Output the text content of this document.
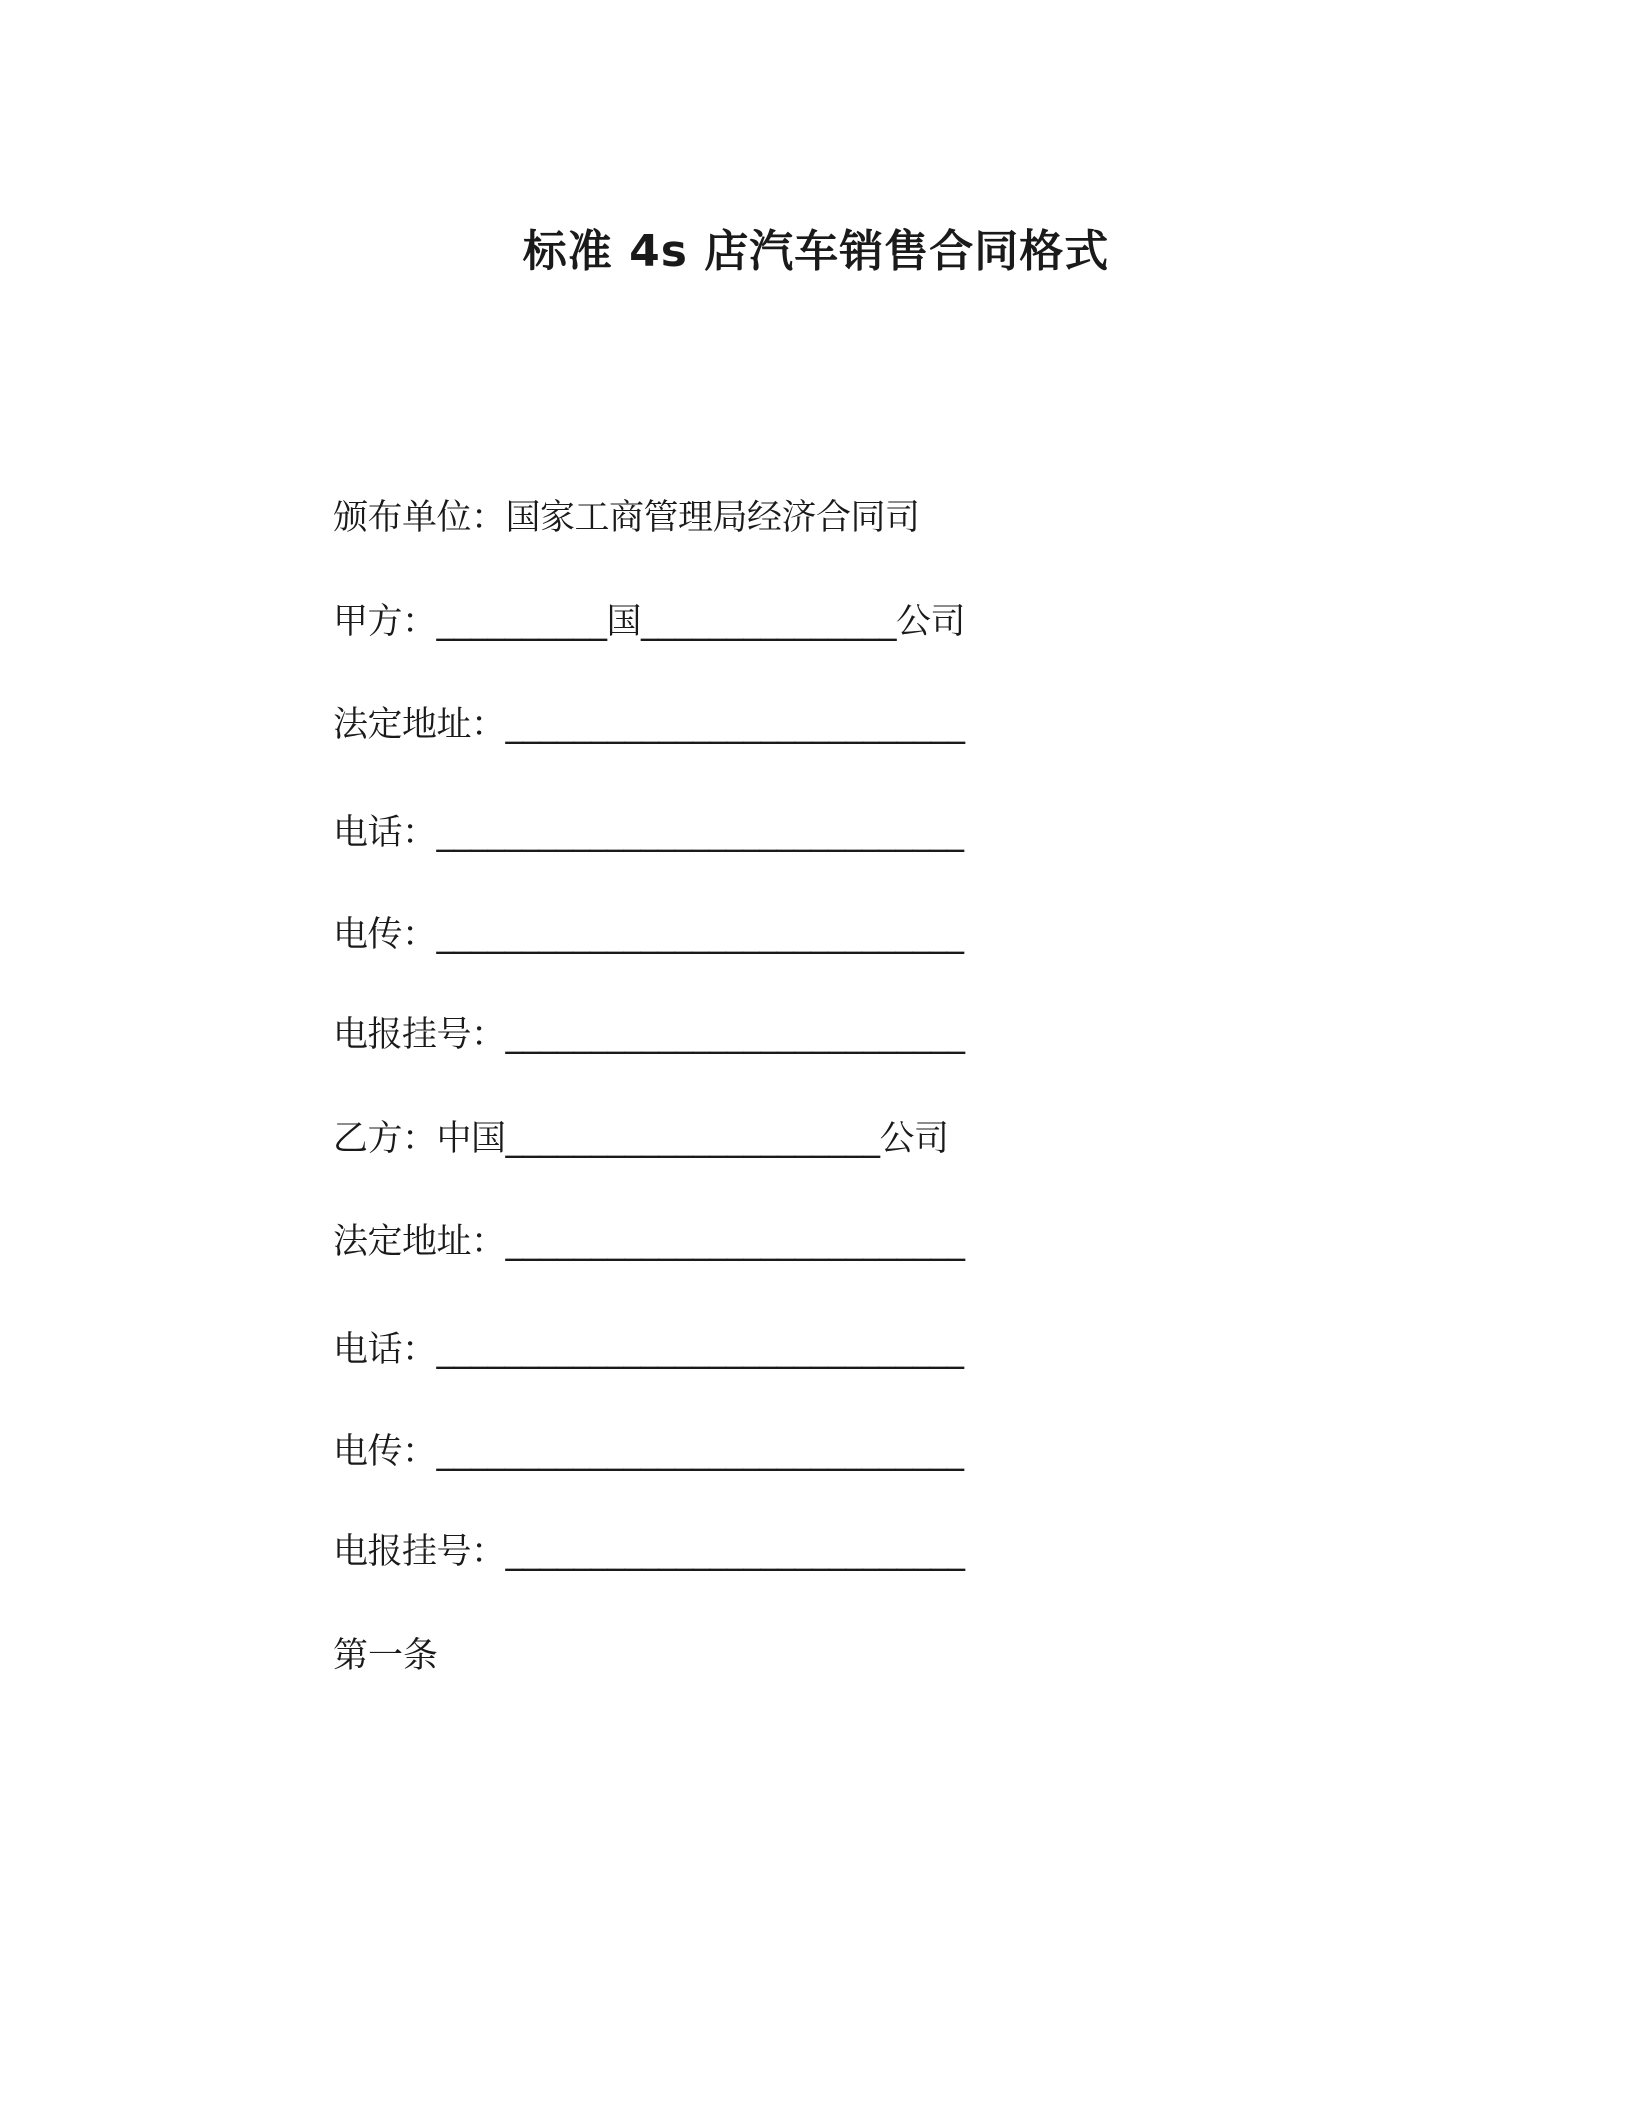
标准 4s 店汽车销售合同格式
颁布单位：国家工商管理局经济合同司
甲方：__________国_______________公司
法定地址：___________________________
电话：_______________________________
电传：_______________________________
电报挂号：___________________________
乙方：中国______________________公司
法定地址：___________________________
电话：_______________________________
电传：_______________________________
电报挂号：___________________________
第一条
